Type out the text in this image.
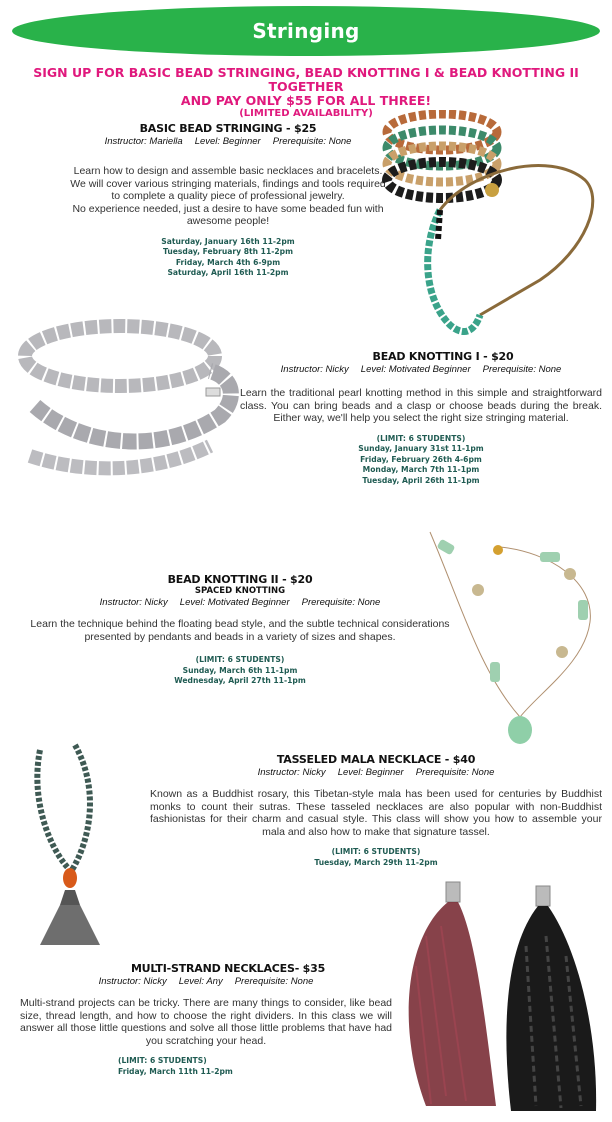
Stringing
SIGN UP FOR BASIC BEAD STRINGING, BEAD KNOTTING I & BEAD KNOTTING II TOGETHER
AND PAY ONLY $55 FOR ALL THREE!
(LIMITED AVAILABILITY)
BASIC BEAD STRINGING - $25
Instructor: Mariella Level: Beginner Prerequisite: None
Learn how to design and assemble basic necklaces and bracelets. We will cover various stringing materials, findings and tools required to complete a quality piece of professional jewelry.
No experience needed, just a desire to have some beaded fun with awesome people!
Saturday, January 16th 11-2pm
Tuesday, February 8th 11-2pm
Friday, March 4th 6-9pm
Saturday, April 16th 11-2pm
BEAD KNOTTING I - $20
Instructor: Nicky Level: Motivated Beginner Prerequisite: None
Learn the traditional pearl knotting method in this simple and straightforward class. You can bring beads and a clasp or choose beads during the break. Either way, we'll help you select the right size stringing material.
(LIMIT: 6 STUDENTS)
Sunday, January 31st 11-1pm
Friday, February 26th 4-6pm
Monday, March 7th 11-1pm
Tuesday, April 26th 11-1pm
BEAD KNOTTING II - $20
SPACED KNOTTING
Instructor: Nicky Level: Motivated Beginner Prerequisite: None
Learn the technique behind the floating bead style, and the subtle technical considerations presented by pendants and beads in a variety of sizes and shapes.
(LIMIT: 6 STUDENTS)
Sunday, March 6th 11-1pm
Wednesday, April 27th 11-1pm
TASSELED MALA NECKLACE - $40
Instructor: Nicky Level: Beginner Prerequisite: None
Known as a Buddhist rosary, this Tibetan-style mala has been used for centuries by Buddhist monks to count their sutras. These tasseled necklaces are also popular with non-Buddhist fashionistas for their charm and casual style. This class will show you how to assemble your mala and also how to make that signature tassel.
(LIMIT: 6 STUDENTS)
Tuesday, March 29th 11-2pm
MULTI-STRAND NECKLACES- $35
Instructor: Nicky Level: Any Prerequisite: None
Multi-strand projects can be tricky. There are many things to consider, like bead size, thread length, and how to choose the right dividers. In this class we will answer all those little questions and solve all those little problems that have had you scratching your head.
(LIMIT: 6 STUDENTS)
Friday, March 11th 11-2pm
